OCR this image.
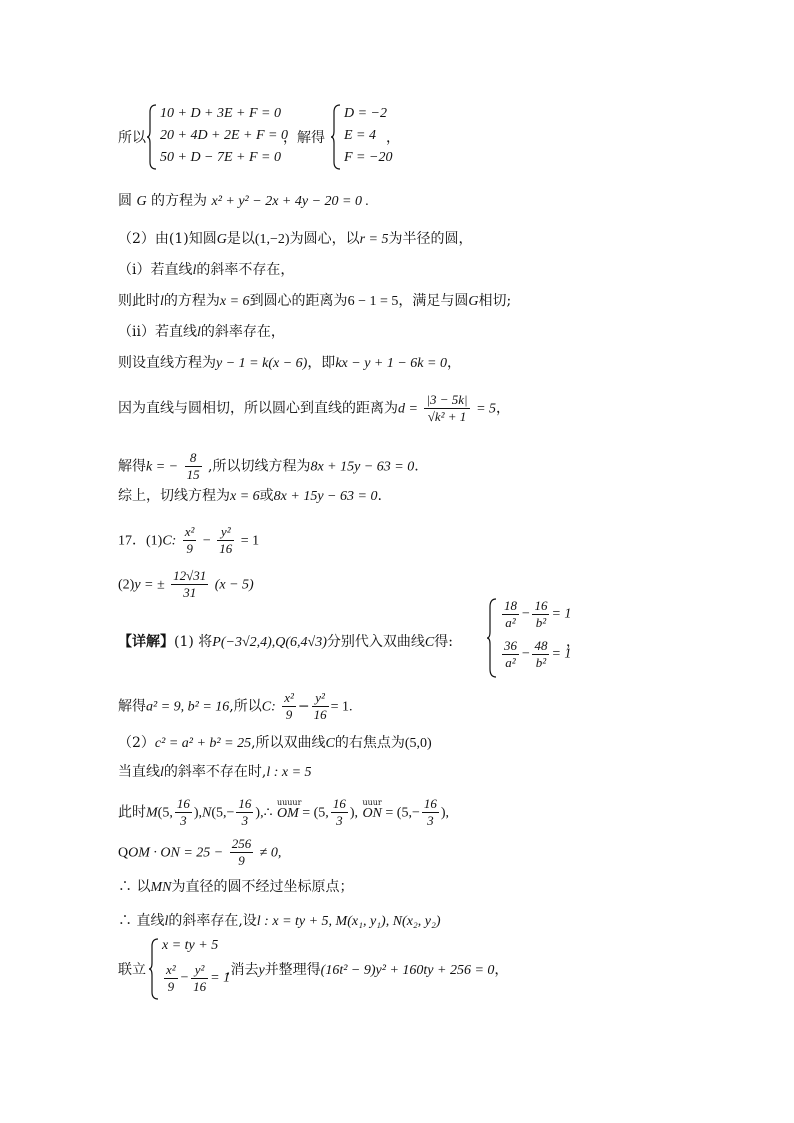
所以
10 + D + 3E + F = 0
20 + 4D + 2E + F = 0
50 + D − 7E + F = 0
，解得
D = −2
E = 4
F = −20
，
圆 G 的方程为 x² + y² − 2x + 4y − 20 = 0 .
（2）由(1)知圆G是以(1,−2)为圆心，以r = 5为半径的圆，
（i）若直线l的斜率不存在，
则此时l的方程为x = 6到圆心的距离为6 − 1 = 5，满足与圆G相切;
（ii）若直线l的斜率存在，
则设直线方程为y − 1 = k(x − 6)，即kx − y + 1 − 6k = 0，
因为直线与圆相切，所以圆心到直线的距离为$d = \frac{|3 - 5k|}{\text{√k² + 1}} = 5$，
解得k = − $\frac{8}{15}$ ,所以切线方程为8x + 15y − 63 = 0.
综上，切线方程为x = 6或8x + 15y − 63 = 0.
17．(1)C: $\frac{\text{x²}}{9} - \frac{\text{y²}}{16} = 1$
(2)y = ± $\frac{12√31}{31} (x - 5)$
【详解】(1) 将P(−3√2,4),Q(6,4√3)分别代入双曲线C得:
$\frac{18}{\text{a²}} - \frac{16}{\text{b²}} = 1$
$\frac{36}{\text{a²}} - \frac{48}{\text{b²}} = 1$
，
解得a² = 9, b² = 16,所以C: $\frac{\text{x²}}{9} - \frac{\text{y²}}{16} = 1$.
（2）c² = a² + b² = 25,所以双曲线C的右焦点为(5,0)
当直线l的斜率不存在时,l : x = 5
此时M(5, $\frac{16}{3} ),N(5,- \frac{16}{3}$ ),∴
uuuur
OM = (5, $\frac{16}{3}$ ),
uuur
ON = ($5,- \frac{16}{3}$ ),
QOM · ON = $25 - \frac{256}{9} \ne 0$,
∴ 以MN为直径的圆不经过坐标原点；
∴ 直线l的斜率存在,设l : x = ty + 5, M(x₁, y₁), N(x₂, y₂)
联立
x = ty + 5
$\frac{\text{x²}}{9} - \frac{\text{y²}}{16} = 1$
,消去y并整理得(16t² − 9)y² + 160ty + 256 = 0，
